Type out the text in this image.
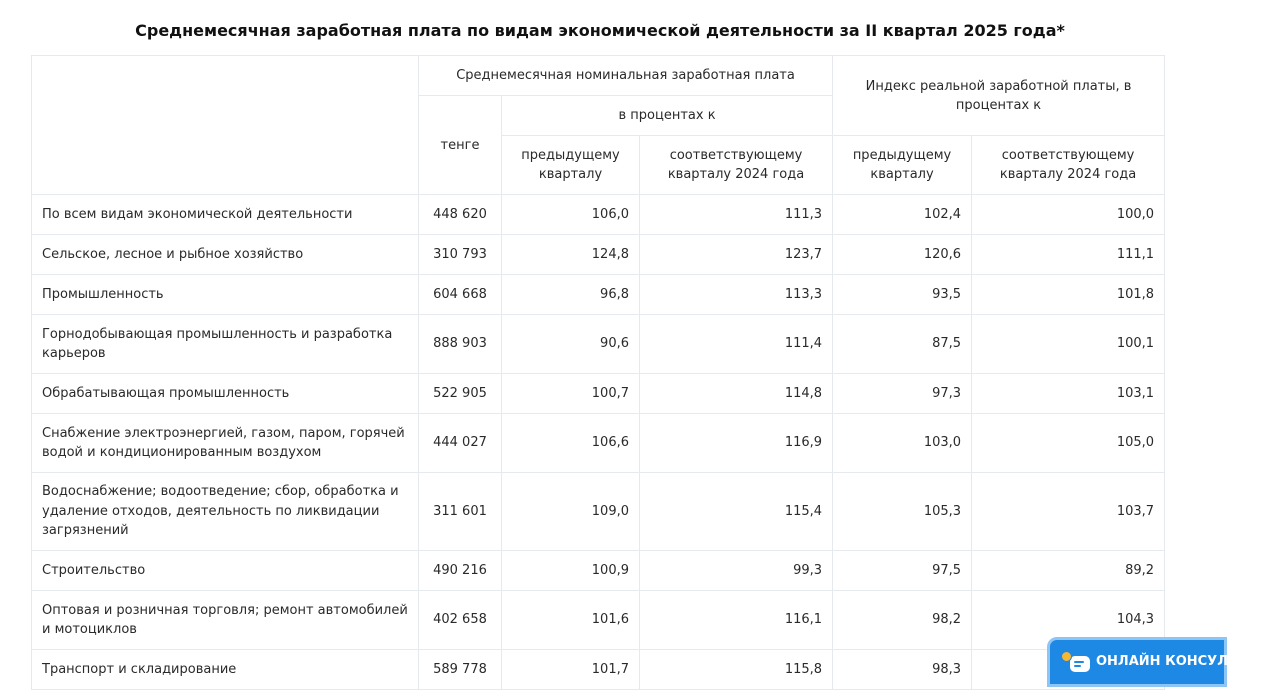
Среднемесячная заработная плата по видам экономической деятельности за II квартал 2025 года*
	Среднемесячная номинальная заработная плата			Индекс реальной заработной платы, в процентах к	
	тенге	в процентах к			
		предыдущему кварталу	соответствующему кварталу 2024 года	предыдущему кварталу	соответствующему кварталу 2024 года
По всем видам экономической деятельности	448 620	106,0	111,3	102,4	100,0
Сельское, лесное и рыбное хозяйство	310 793	124,8	123,7	120,6	111,1
Промышленность	604 668	96,8	113,3	93,5	101,8
Горнодобывающая промышленность и разработка карьеров	888 903	90,6	111,4	87,5	100,1
Обрабатывающая промышленность	522 905	100,7	114,8	97,3	103,1
Снабжение электроэнергией, газом, паром, горячей водой и кондиционированным воздухом	444 027	106,6	116,9	103,0	105,0
Водоснабжение; водоотведение; сбор, обработка и удаление отходов, деятельность по ликвидации загрязнений	311 601	109,0	115,4	105,3	103,7
Строительство	490 216	100,9	99,3	97,5	89,2
Оптовая и розничная торговля; ремонт автомобилей и мотоциклов	402 658	101,6	116,1	98,2	104,3
Транспорт и складирование	589 778	101,7	115,8	98,3	
ОНЛАЙН КОНСУЛЬТАНТ
